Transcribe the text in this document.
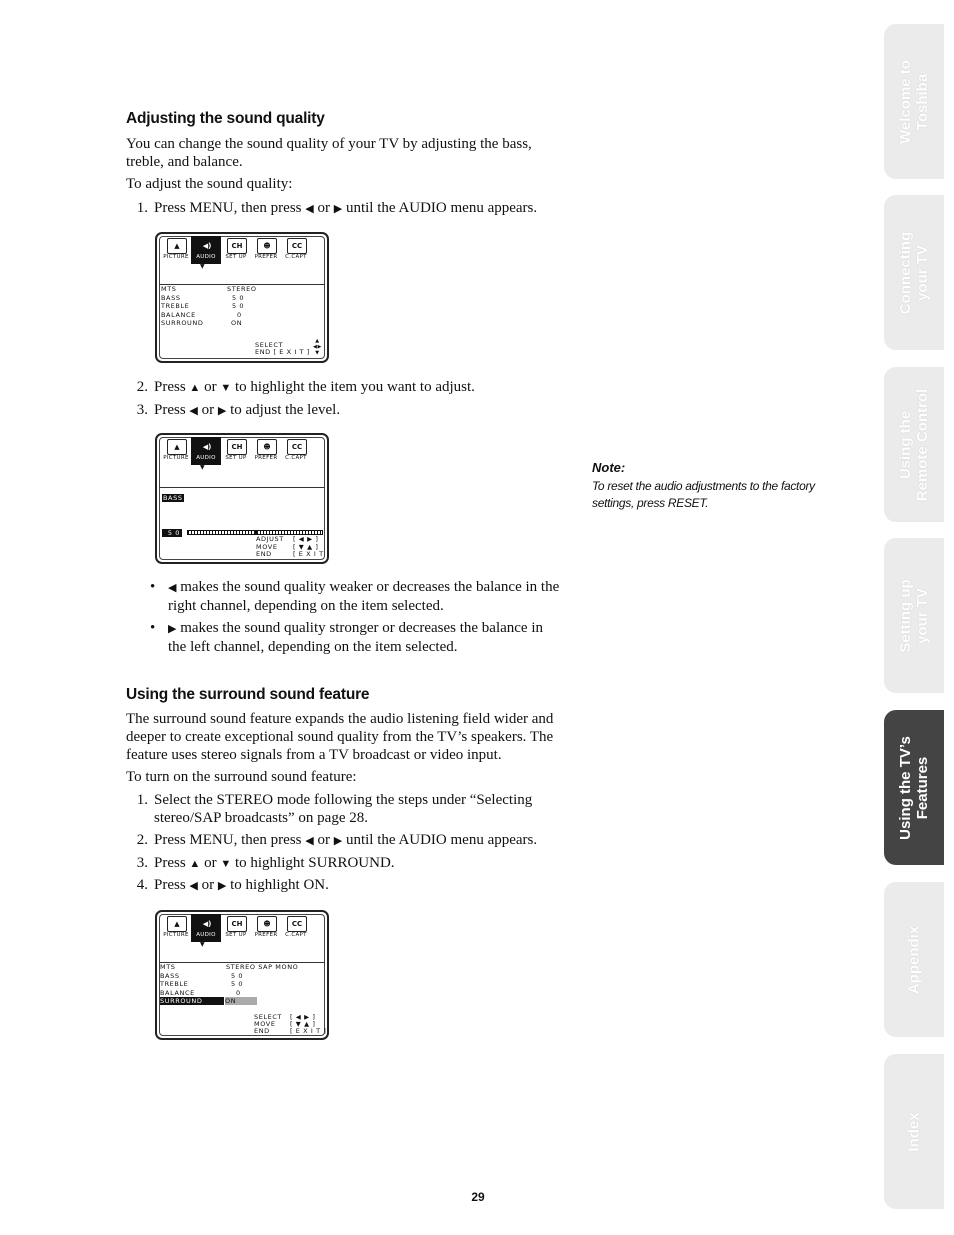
Adjusting the sound quality
You can change the sound quality of your TV by adjusting the bass, treble, and balance.
To adjust the sound quality:
1. Press MENU, then press ◀ or ▶ until the AUDIO menu appears.
▲
PICTURE
◀)
AUDIO
CH
SET UP
☻
PREFER
CC
C.CAPT
▼
MTS	STEREO
BASS	5 0
TREBLE	5 0
BALANCE	0
SURROUND	ON
SELECT
END [ E X I T ]
▲
◀▶
▼
2. Press ▲ or ▼ to highlight the item you want to adjust.
3. Press ◀ or ▶ to adjust the level.
▲
PICTURE
◀)
AUDIO
CH
SET UP
☻
PREFER
CC
C.CAPT
▼
BASS
5 0
ADJUST [ ◀ ▶ ]
MOVE [ ▼ ▲ ]
END	[ E X I T ]
• ◀ makes the sound quality weaker or decreases the balance in the right channel, depending on the item selected.
• ▶ makes the sound quality stronger or decreases the balance in the left channel, depending on the item selected.
Using the surround sound feature
The surround sound feature expands the audio listening field wider and deeper to create exceptional sound quality from the TV’s speakers. The feature uses stereo signals from a TV broadcast or video input.
To turn on the surround sound feature:
1. Select the STEREO mode following the steps under “Selecting stereo/SAP broadcasts” on page 28.
2. Press MENU, then press ◀ or ▶ until the AUDIO menu appears.
3. Press ▲ or ▼ to highlight SURROUND.
4. Press ◀ or ▶ to highlight ON.
▲
PICTURE
◀)
AUDIO
CH
SET UP
☻
PREFER
CC
C.CAPT
▼
MTS	STEREO SAP MONO
BASS	5 0
TREBLE	5 0
BALANCE	0
SURROUND	ON
SELECT [ ◀ ▶ ]
MOVE [ ▼ ▲ ]
END	[ E X I T ]
Note:
To reset the audio adjustments to the factory settings, press RESET.
Welcome to
Toshiba
Connecting
your TV
Using the
Remote Control
Setting up
your TV
Using the TV’s
Features
Appendix
Index
29
